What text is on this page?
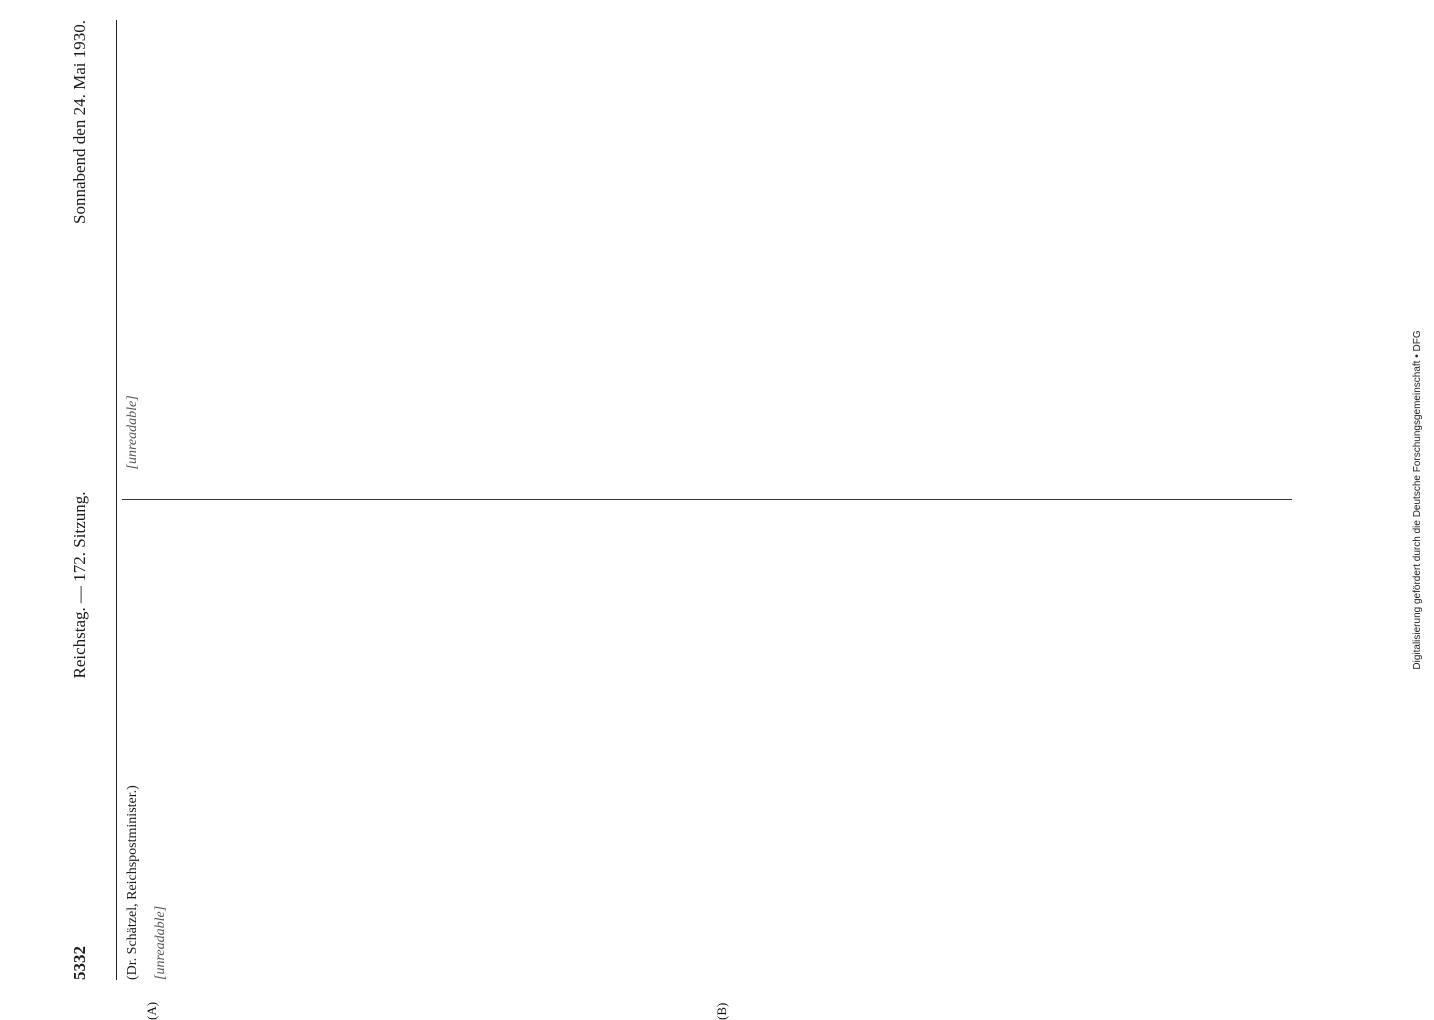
5332
Reichstag. — 172. Sitzung.
Sonnabend den 24. Mai 1930.
(A)	(B)
(Dr. Schätzel, Reichspostminister.) [unreadable]
[unreadable]	Digitalisierung gefördert durch die Deutsche Forschungsgemeinschaft • DFG
